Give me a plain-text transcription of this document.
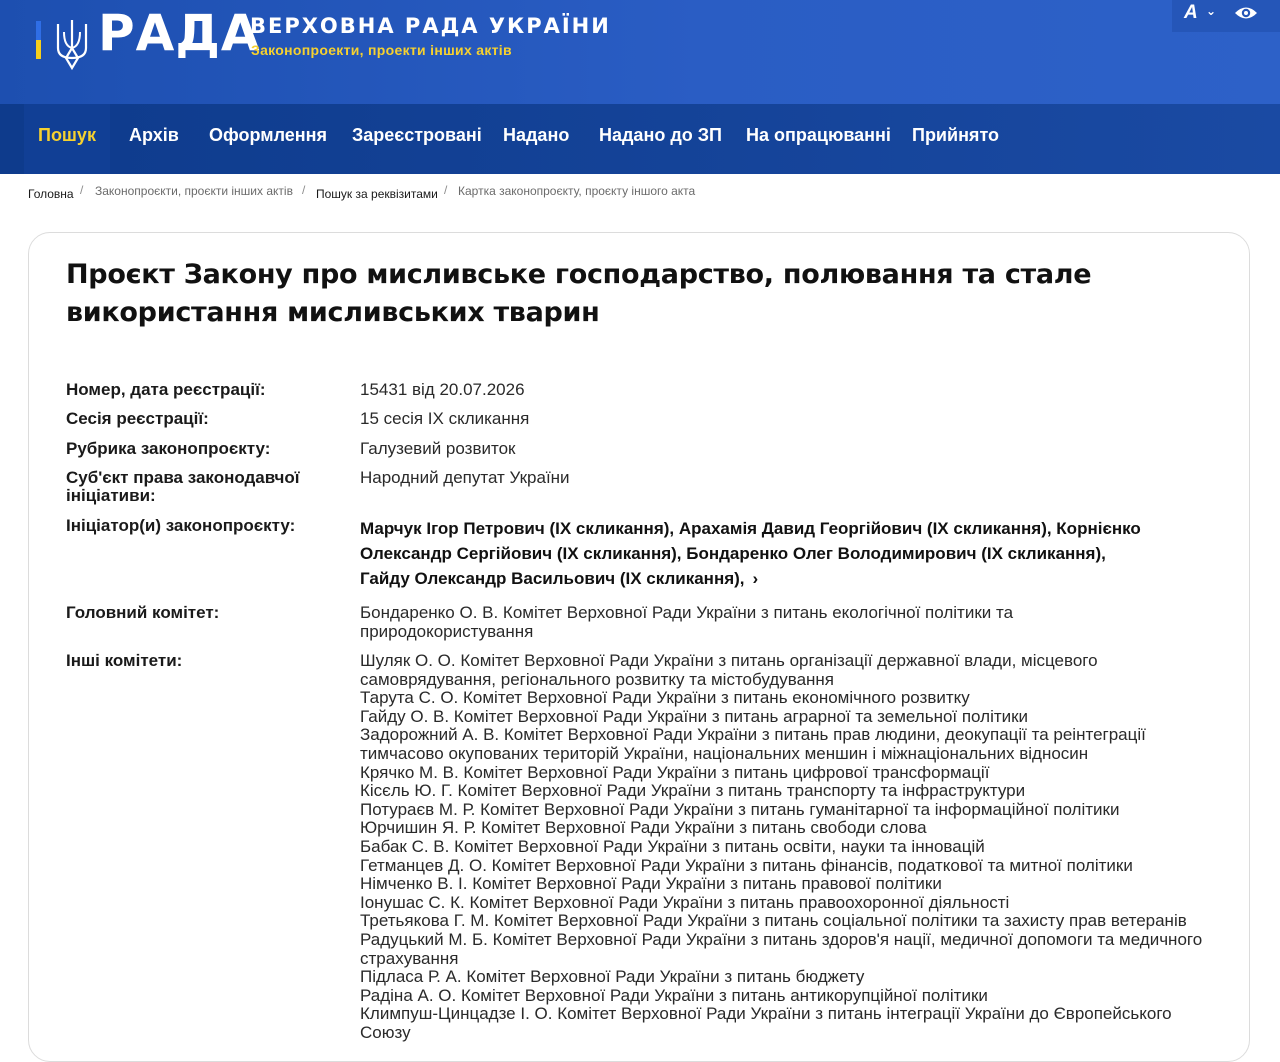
РАДА
ВЕРХОВНА РАДА УКРАЇНИ
Законопроекти, проекти інших актів
A ⌄
Пошук Архів Оформлення Зареєстровані Надано Надано до ЗП На опрацюванні Прийнято
Головна / Законопроєкти, проєкти інших актів / Пошук за реквізитами / Картка законопроєкту, проєкту іншого акта
Проєкт Закону про мисливське господарство, полювання та стале використання мисливських тварин
Номер, дата реєстрації:	15431 від 20.07.2026
Сесія реєстрації:	15 сесія IX скликання
Рубрика законопроєкту:	Галузевий розвиток
Суб'єкт права законодавчої ініціативи:
Народний депутат України
Ініціатор(и) законопроєкту:	Марчук Ігор Петрович (IX скликання), Арахамія Давид Георгійович (IX скликання), Корнієнко Олександр Сергійович (IX скликання), Бондаренко Олег Володимирович (IX скликання), Гайду Олександр Васильович (IX скликання), ›
Головний комітет:	Бондаренко О. В. Комітет Верховної Ради України з питань екологічної політики та природокористування
Інші комітети:	Шуляк О. О. Комітет Верховної Ради України з питань організації державної влади, місцевого самоврядування, регіонального розвитку та містобудування
Тарута С. О. Комітет Верховної Ради України з питань економічного розвитку
Гайду О. В. Комітет Верховної Ради України з питань аграрної та земельної політики
Задорожний А. В. Комітет Верховної Ради України з питань прав людини, деокупації та реінтеграції тимчасово окупованих територій України, національних меншин і міжнаціональних відносин
Крячко М. В. Комітет Верховної Ради України з питань цифрової трансформації
Кісєль Ю. Г. Комітет Верховної Ради України з питань транспорту та інфраструктури
Потураєв М. Р. Комітет Верховної Ради України з питань гуманітарної та інформаційної політики
Юрчишин Я. Р. Комітет Верховної Ради України з питань свободи слова
Бабак С. В. Комітет Верховної Ради України з питань освіти, науки та інновацій
Гетманцев Д. О. Комітет Верховної Ради України з питань фінансів, податкової та митної політики
Німченко В. І. Комітет Верховної Ради України з питань правової політики
Іонушас С. К. Комітет Верховної Ради України з питань правоохоронної діяльності
Третьякова Г. М. Комітет Верховної Ради України з питань соціальної політики та захисту прав ветеранів
Радуцький М. Б. Комітет Верховної Ради України з питань здоров'я нації, медичної допомоги та медичного страхування
Підласа Р. А. Комітет Верховної Ради України з питань бюджету
Радіна А. О. Комітет Верховної Ради України з питань антикорупційної політики
Климпуш-Цинцадзе І. О. Комітет Верховної Ради України з питань інтеграції України до Європейського Союзу
